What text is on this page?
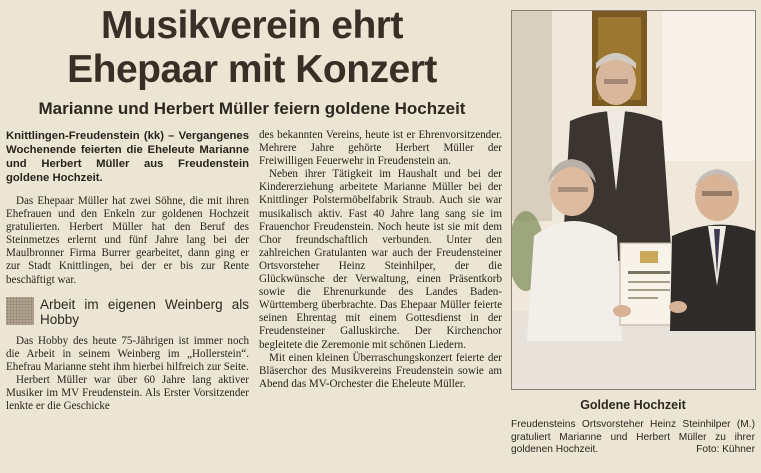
Musikverein ehrt
Ehepaar mit Konzert
Marianne und Herbert Müller feiern goldene Hochzeit

Knittlingen-Freudenstein (kk) – Vergangenes Wochenende feierten die Eheleute Marianne und Herbert Müller aus Freudenstein goldene Hochzeit.

Das Ehepaar Müller hat zwei Söhne, die mit ihren Ehefrauen und den Enkeln zur goldenen Hochzeit gratulierten. Herbert Müller hat den Beruf des Steinmetzes erlernt und fünf Jahre lang bei der Maulbronner Firma Burrer gearbeitet, dann ging er zur Stadt Knittlingen, bei der er bis zur Rente beschäftigt war.

Arbeit im eigenen Weinberg als Hobby

Das Hobby des heute 75-Jährigen ist immer noch die Arbeit in seinem Weinberg im „Hollerstein“. Ehefrau Marianne steht ihm hierbei hilfreich zur Seite.

Herbert Müller war über 60 Jahre lang aktiver Musiker im MV Freudenstein. Als Erster Vorsitzender lenkte er die Geschicke

des bekannten Vereins, heute ist er Ehrenvorsitzender. Mehrere Jahre gehörte Herbert Müller der Freiwilligen Feuerwehr in Freudenstein an.

Neben ihrer Tätigkeit im Haushalt und bei der Kindererziehung arbeitete Marianne Müller bei der Knittlinger Polstermöbelfabrik Straub. Auch sie war musikalisch aktiv. Fast 40 Jahre lang sang sie im Frauenchor Freudenstein. Noch heute ist sie mit dem Chor freundschaftlich verbunden. Unter den zahlreichen Gratulanten war auch der Freudensteiner Ortsvorsteher Heinz Steinhilper, der die Glückwünsche der Verwaltung, einen Präsentkorb sowie die Ehrenurkunde des Landes Baden-Württemberg überbrachte. Das Ehepaar Müller feierte seinen Ehrentag mit einem Gottesdienst in der Freudensteiner Galluskirche. Der Kirchenchor begleitete die Zeremonie mit schönen Liedern.

Mit einen kleinen Überraschungskonzert feierte der Bläserchor des Musikvereins Freudenstein sowie am Abend das MV-Orchester die Eheleute Müller.

Goldene Hochzeit
Freudensteins Ortsvorsteher Heinz Steinhilper (M.) gratuliert Marianne und Herbert Müller zu ihrer goldenen Hochzeit.	Foto: Kühner
